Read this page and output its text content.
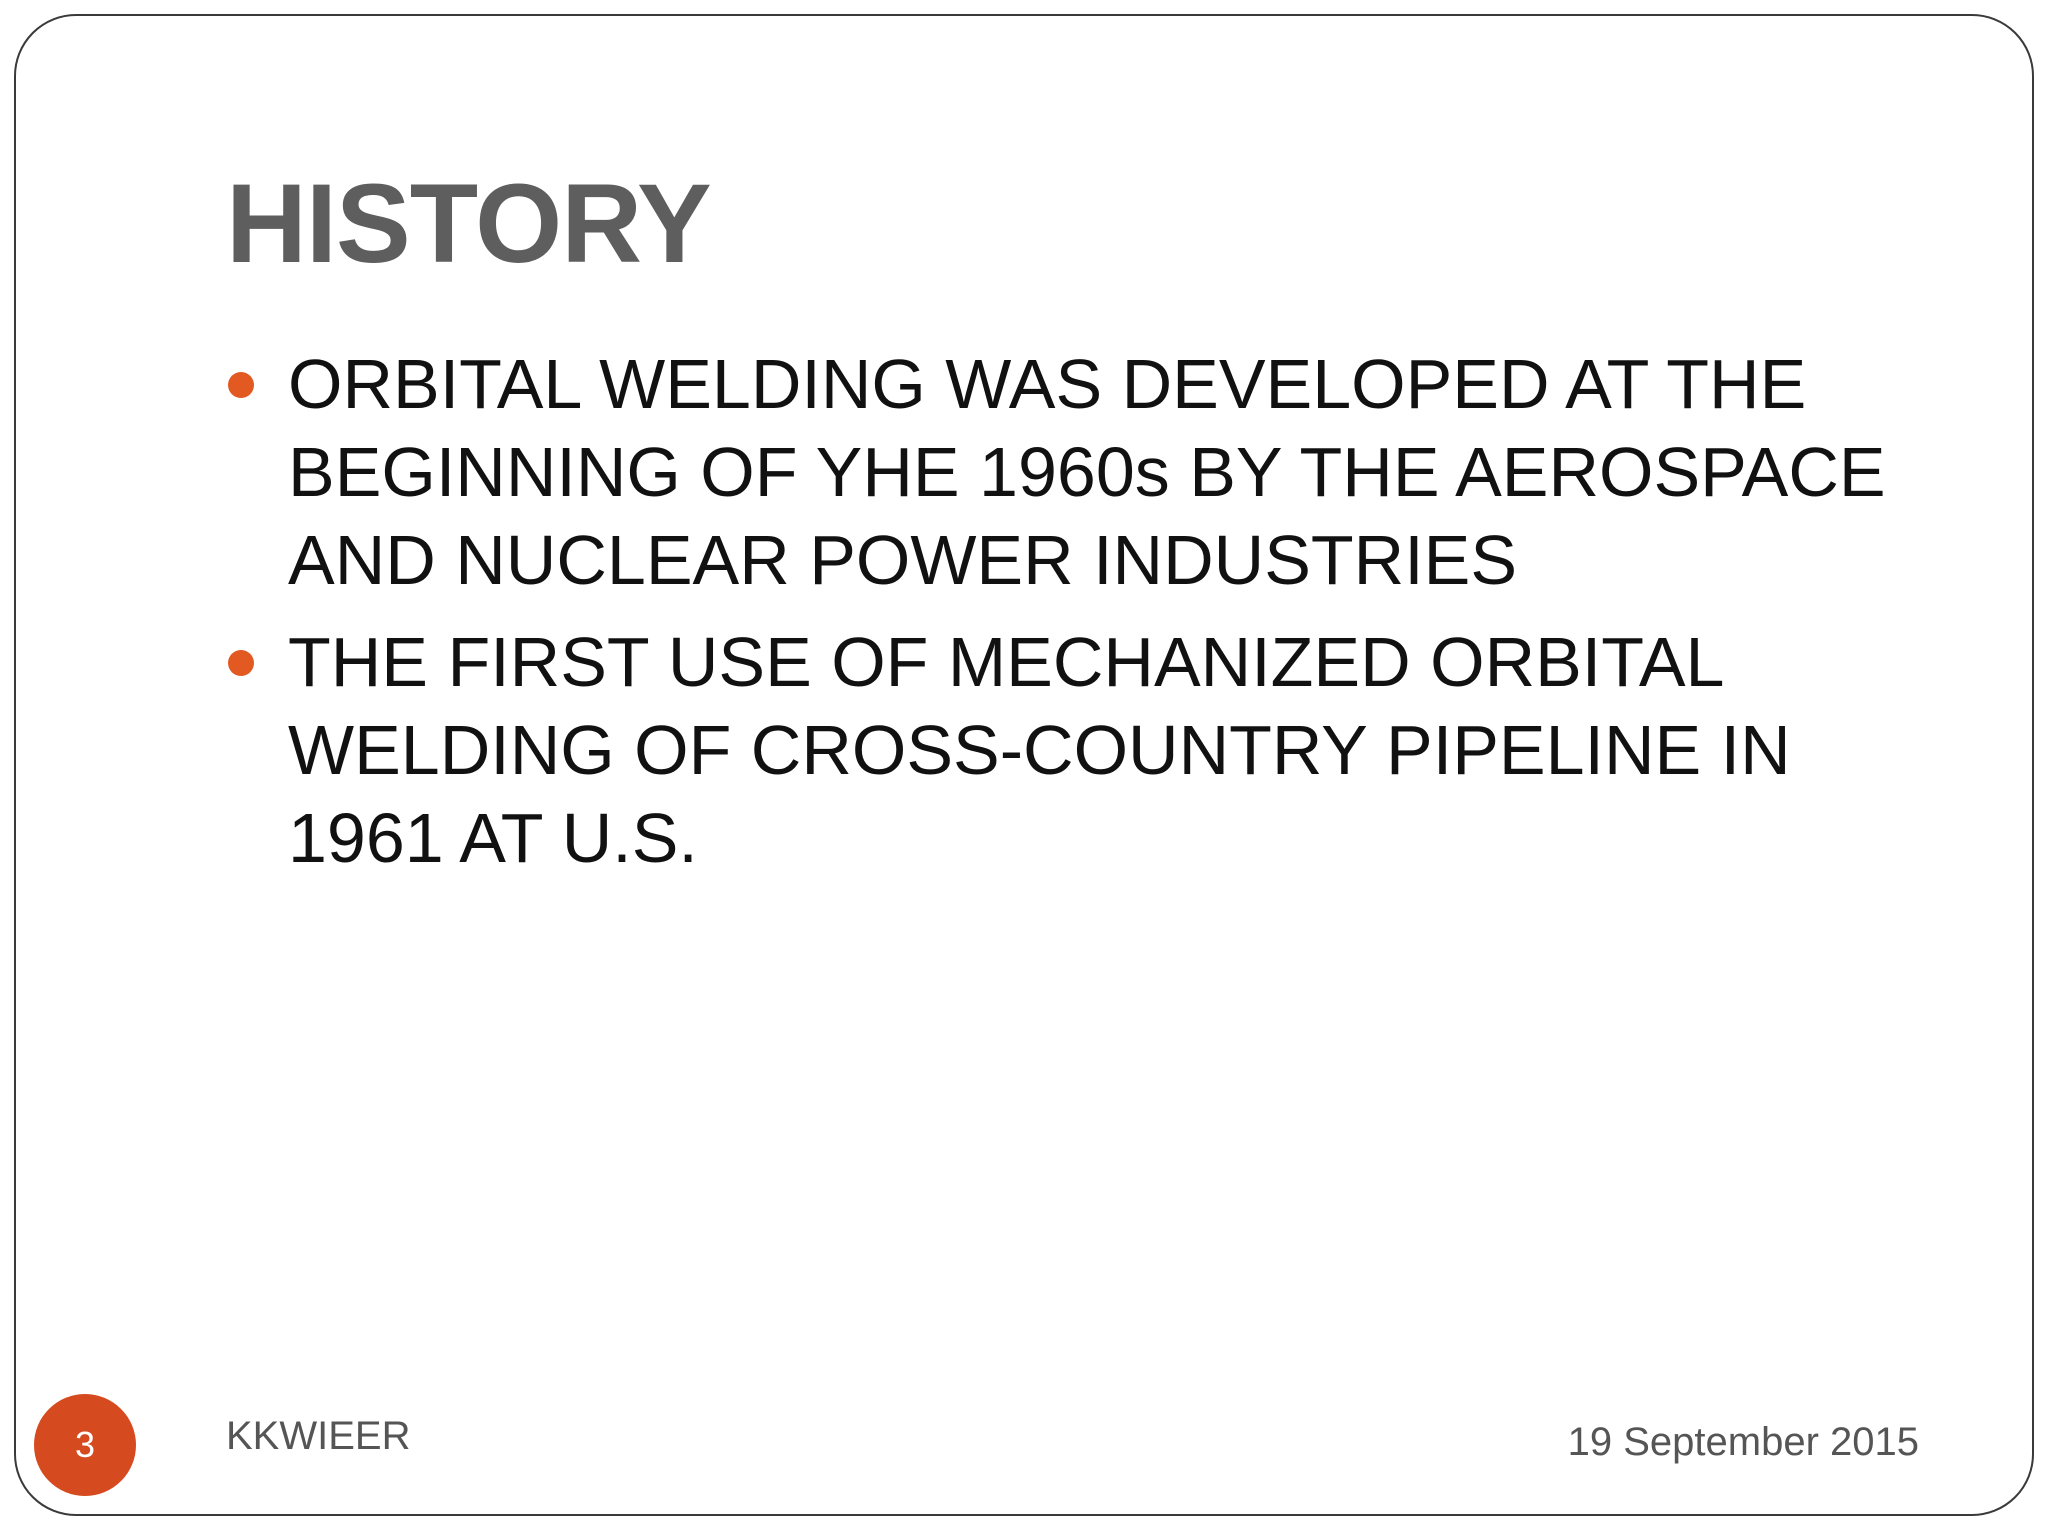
HISTORY
ORBITAL WELDING WAS DEVELOPED AT THE BEGINNING OF YHE 1960s BY THE AEROSPACE AND NUCLEAR POWER INDUSTRIES
THE FIRST USE OF MECHANIZED ORBITAL WELDING OF CROSS-COUNTRY PIPELINE IN 1961 AT U.S.
3	KKWIEER	19 September 2015
